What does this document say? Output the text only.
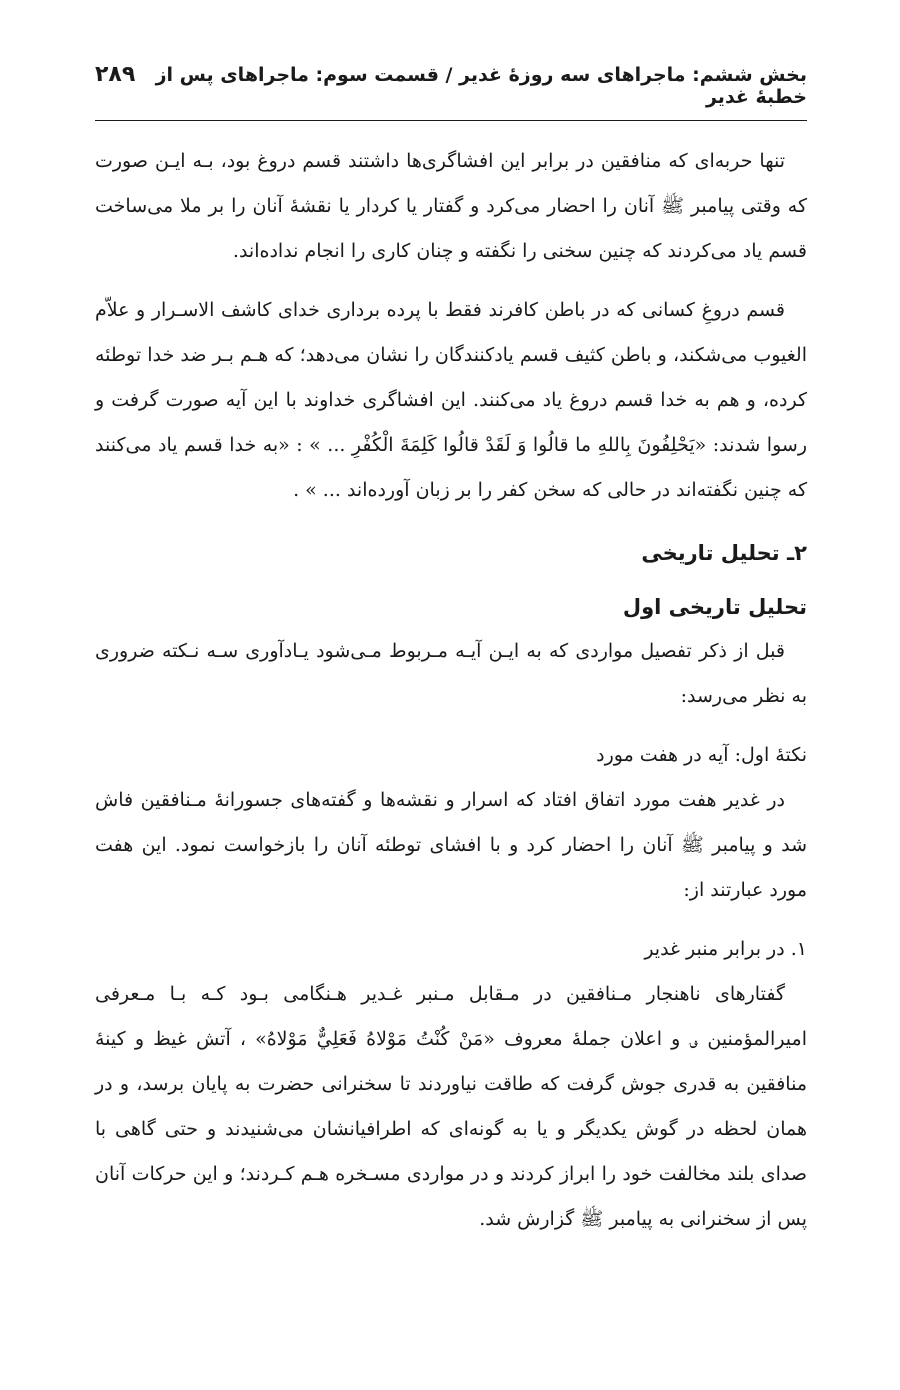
بخش ششم: ماجراهای سه روزهٔ غدیر / قسمت سوم: ماجراهای پس از خطبهٔ غدیر
۲۸۹

تنها حربه‌ای که منافقین در برابر این افشاگری‌ها داشتند قسم دروغ بود، بـه ایـن صورت که وقتی پیامبر ﷺ آنان را احضار می‌کرد و گفتار یا کردار یا نقشهٔ آنان را بر ملا می‌ساخت قسم یاد می‌کردند که چنین سخنی را نگفته و چنان کاری را انجام نداده‌اند.

قسم دروغِ کسانی که در باطن کافرند فقط با پرده برداری خدای کاشف الاسـرار و علاّم الغیوب می‌شکند، و باطن کثیف قسم یادکنندگان را نشان می‌دهد؛ که هـم بـر ضد خدا توطئه کرده، و هم به خدا قسم دروغ یاد می‌کنند. این افشاگری خداوند با این آیه صورت گرفت و رسوا شدند: «يَحْلِفُونَ بِاللهِ ما قالُوا وَ لَقَدْ قالُوا كَلِمَةَ الْكُفْرِ ... » : «به خدا قسم یاد می‌کنند که چنین نگفته‌اند در حالی که سخن کفر را بر زبان آورده‌اند ... » .

۲ـ تحلیل تاریخی
تحلیل تاریخی اول

قبل از ذکر تفصیل مواردی که به ایـن آیـه مـربوط مـی‌شود یـادآوری سـه نـکته ضروری به نظر می‌رسد:

نکتهٔ اول: آیه در هفت مورد

در غدیر هفت مورد اتفاق افتاد که اسرار و نقشه‌ها و گفته‌های جسورانهٔ مـنافقین فاش شد و پیامبر ﷺ آنان را احضار کرد و با افشای توطئه آنان را بازخواست نمود. این هفت مورد عبارتند از:

۱. در برابر منبر غدیر

گفتارهای ناهنجار مـنافقین در مـقابل مـنبر غـدیر هـنگامی بـود کـه بـا مـعرفی امیرالمؤمنین ؈ و اعلان جملهٔ معروف «مَنْ كُنْتُ مَوْلاهُ فَعَلِيٌّ مَوْلاهُ» ، آتش غیظ و کینهٔ منافقین به قدری جوش گرفت که طاقت نیاوردند تا سخنرانی حضرت به پایان برسد، و در همان لحظه در گوش یکدیگر و یا به گونه‌ای که اطرافیانشان می‌شنیدند و حتی گاهی با صدای بلند مخالفت خود را ابراز کردند و در مواردی مسـخره هـم کـردند؛ و این حرکات آنان پس از سخنرانی به پیامبر ﷺ گزارش شد.
